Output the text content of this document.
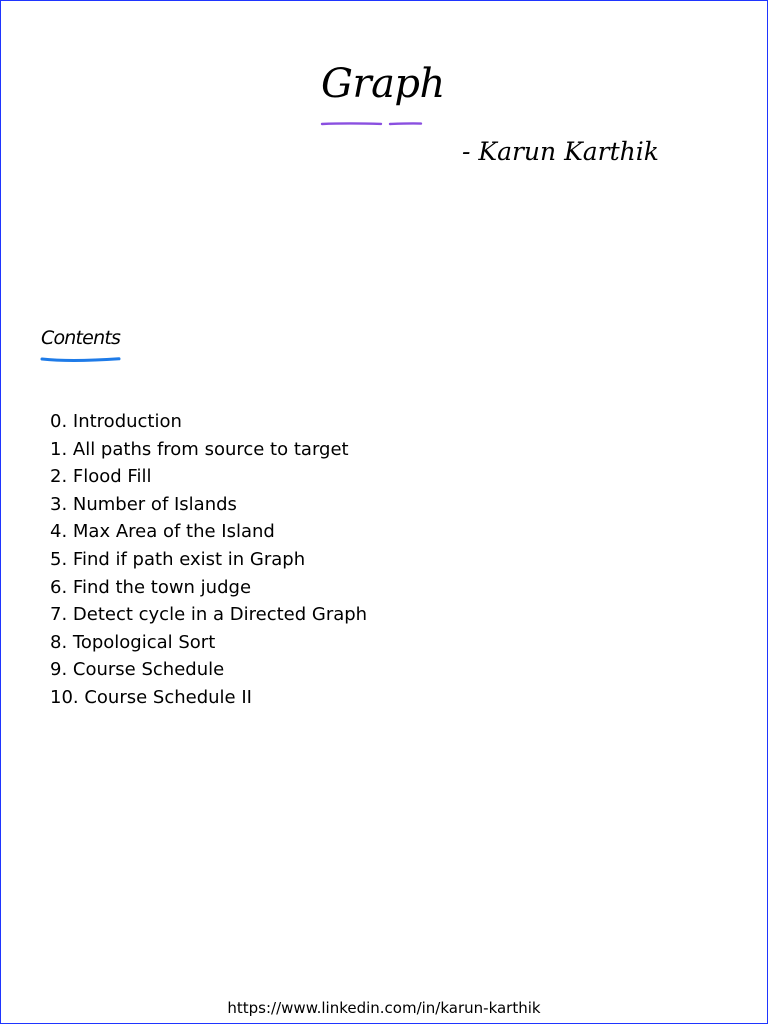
Graph
- Karun Karthik
Contents
0. Introduction
1. All paths from source to target
2. Flood Fill
3. Number of Islands
4. Max Area of the Island
5. Find if path exist in Graph
6. Find the town judge
7. Detect cycle in a Directed Graph
8. Topological Sort
9. Course Schedule
10. Course Schedule II
https://www.linkedin.com/in/karun-karthik
